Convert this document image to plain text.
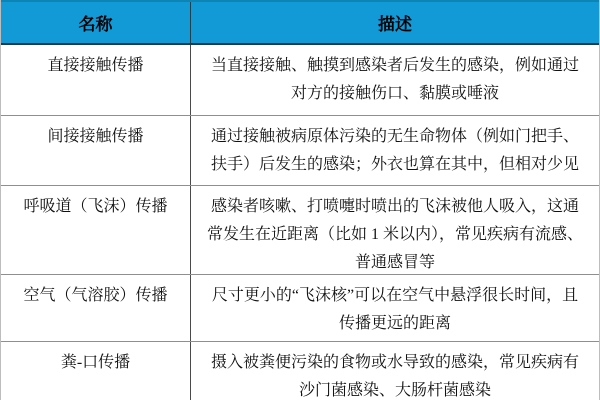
名称	描述
直接接触传播	当直接接触、触摸到感染者后发生的感染，例如通过对方的接触伤口、黏膜或唾液
间接接触传播	通过接触被病原体污染的无生命物体（例如门把手、扶手）后发生的感染；外衣也算在其中，但相对少见
呼吸道（飞沫）传播	感染者咳嗽、打喷嚏时喷出的飞沫被他人吸入，这通常发生在近距离（比如 1 米以内），常见疾病有流感、普通感冒等
空气（气溶胶）传播	尺寸更小的“飞沫核”可以在空气中悬浮很长时间，且传播更远的距离
粪-口传播	摄入被粪便污染的食物或水导致的感染，常见疾病有沙门菌感染、大肠杆菌感染
